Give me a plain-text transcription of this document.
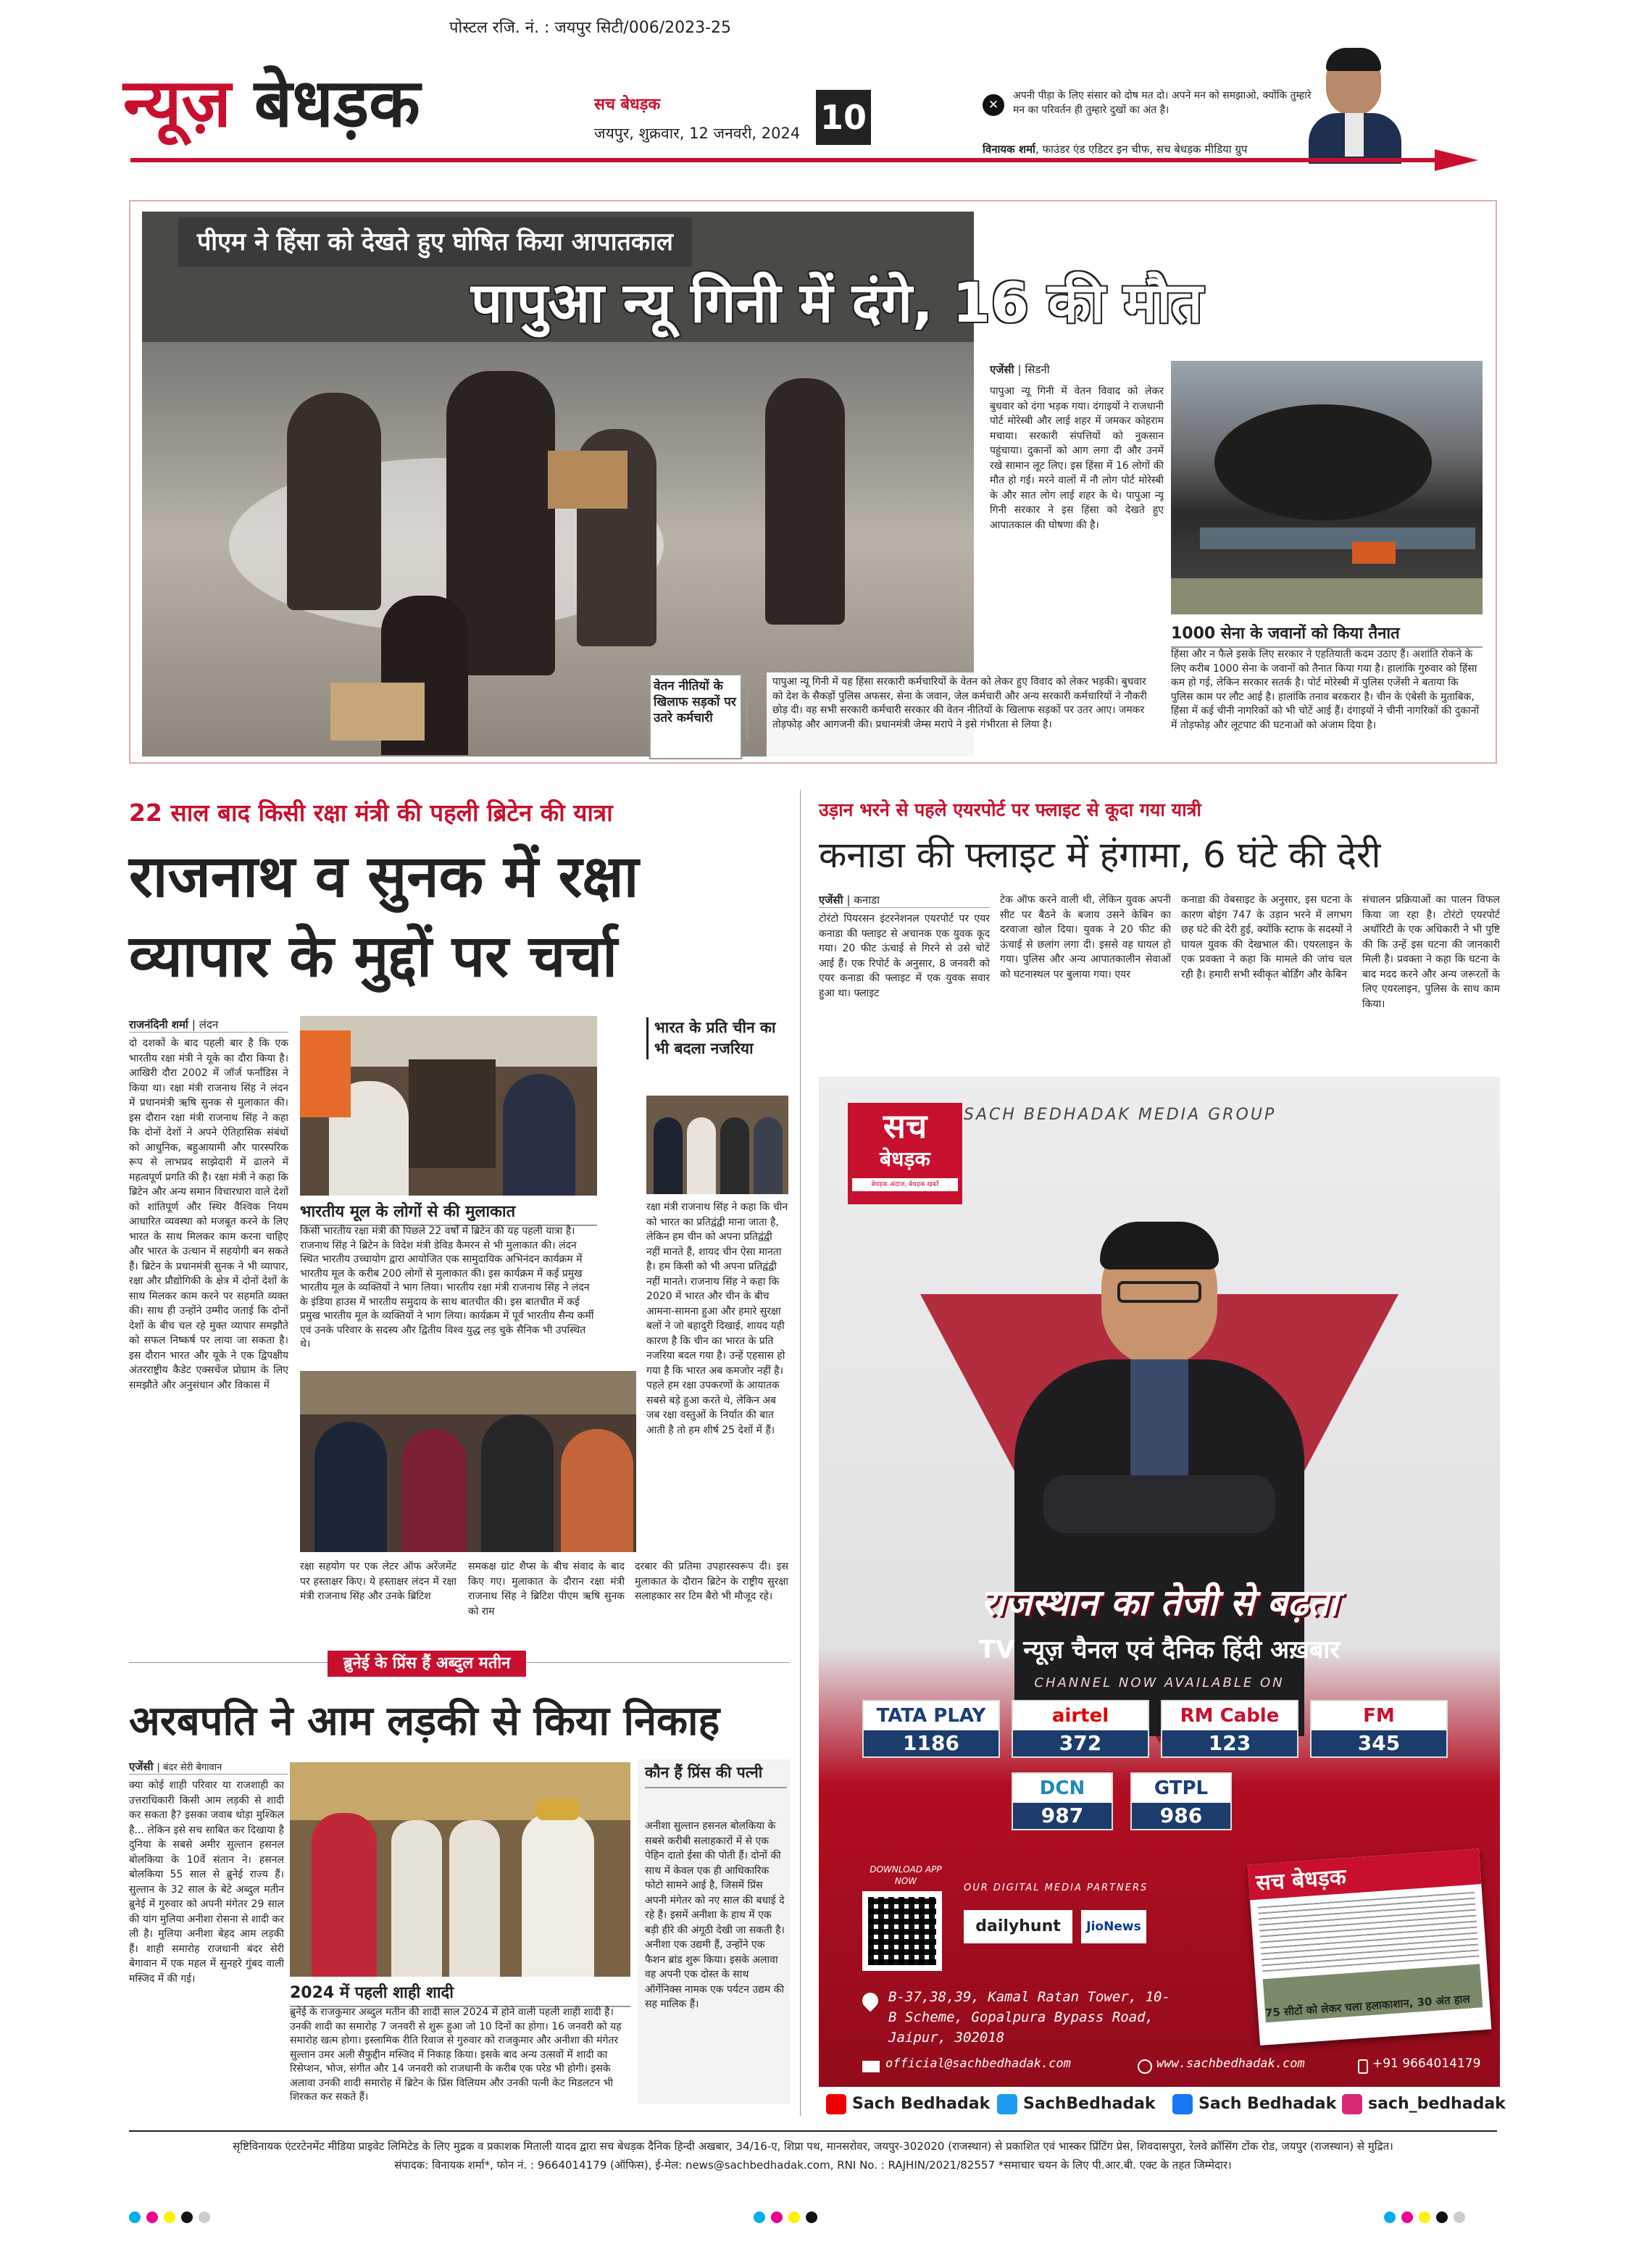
पोस्टल रजि. नं. : जयपुर सिटी/006/2023-25
न्यूज़ बेधड़क	सच बेधड़क
जयपुर, शुक्रवार, 12 जनवरी, 2024 10	✕
अपनी पीड़ा के लिए संसार को दोष मत दो। अपने मन को समझाओ, क्योंकि तुम्हारे मन का परिवर्तन ही तुम्हारे दुखों का अंत है।
विनायक शर्मा, फाउंडर एंड एडिटर इन चीफ, सच बेधड़क मीडिया ग्रुप
पीएम ने हिंसा को देखते हुए घोषित किया आपातकाल
पापुआ न्यू गिनी में दंगे, 16 की मौत
एजेंसी | सिडनी
पापुआ न्यू गिनी में वेतन विवाद को लेकर बुधवार को दंगा भड़क गया। दंगाइयों ने राजधानी पोर्ट मोरेस्बी और लाई शहर में जमकर कोहराम मचाया। सरकारी संपत्तियों को नुकसान पहुंचाया। दुकानों को आग लगा दी और उनमें रखे सामान लूट लिए। इस हिंसा में 16 लोगों की मौत हो गई। मरने वालों में नौ लोग पोर्ट मोरेस्बी के और सात लोग लाई शहर के थे। पापुआ न्यू गिनी सरकार ने इस हिंसा को देखते हुए आपातकाल की घोषणा की है।
1000 सेना के जवानों को किया तैनात
हिंसा और न फैले इसके लिए सरकार ने एहतियाती कदम उठाए हैं। अशांति रोकने के लिए करीब 1000 सेना के जवानों को तैनात किया गया है। हालांकि गुरुवार को हिंसा कम हो गई, लेकिन सरकार सतर्क है। पोर्ट मोरेस्बी में पुलिस एजेंसी ने बताया कि पुलिस काम पर लौट आई है। हालांकि तनाव बरकरार है। चीन के एंबेसी के मुताबिक, हिंसा में कई चीनी नागरिकों को भी चोटें आई हैं। दंगाइयों ने चीनी नागरिकों की दुकानों में तोड़फोड़ और लूटपाट की घटनाओं को अंजाम दिया है।
वेतन नीतियों के खिलाफ सड़कों पर उतरे कर्मचारी
पापुआ न्यू गिनी में यह हिंसा सरकारी कर्मचारियों के वेतन को लेकर हुए विवाद को लेकर भड़की। बुधवार को देश के सैकड़ों पुलिस अफसर, सेना के जवान, जेल कर्मचारी और अन्य सरकारी कर्मचारियों ने नौकरी छोड़ दी। वह सभी सरकारी कर्मचारी सरकार की वेतन नीतियों के खिलाफ सड़कों पर उतर आए। जमकर तोड़फोड़ और आगजनी की। प्रधानमंत्री जेम्स मरापे ने इसे गंभीरता से लिया है।
22 साल बाद किसी रक्षा मंत्री की पहली ब्रिटेन की यात्रा
राजनाथ व सुनक में रक्षा
व्यापार के मुद्दों पर चर्चा
राजनंदिनी शर्मा | लंदन
दो दशकों के बाद पहली बार है कि एक भारतीय रक्षा मंत्री ने यूके का दौरा किया है। आखिरी दौरा 2002 में जॉर्ज फर्नांडिस ने किया था। रक्षा मंत्री राजनाथ सिंह ने लंदन में प्रधानमंत्री ऋषि सुनक से मुलाकात की। इस दौरान रक्षा मंत्री राजनाथ सिंह ने कहा कि दोनों देशों ने अपने ऐतिहासिक संबंधों को आधुनिक, बहुआयामी और पारस्परिक रूप से लाभप्रद साझेदारी में ढालने में महत्वपूर्ण प्रगति की है। रक्षा मंत्री ने कहा कि ब्रिटेन और अन्य समान विचारधारा वाले देशों को शांतिपूर्ण और स्थिर वैश्विक नियम आधारित व्यवस्था को मजबूत करने के लिए भारत के साथ मिलकर काम करना चाहिए और भारत के उत्थान में सहयोगी बन सकते हैं। ब्रिटेन के प्रधानमंत्री सुनक ने भी व्यापार, रक्षा और प्रौद्योगिकी के क्षेत्र में दोनों देशों के साथ मिलकर काम करने पर सहमति व्यक्त की। साथ ही उन्होंने उम्मीद जताई कि दोनों देशों के बीच चल रहे मुक्त व्यापार समझौते को सफल निष्कर्ष पर लाया जा सकता है। इस दौरान भारत और यूके ने एक द्विपक्षीय अंतरराष्ट्रीय कैडेट एक्सचेंज प्रोग्राम के लिए समझौते और अनुसंधान और विकास में
भारतीय मूल के लोगों से की मुलाकात
किसी भारतीय रक्षा मंत्री की पिछले 22 वर्षों में ब्रिटेन की यह पहली यात्रा है। राजनाथ सिंह ने ब्रिटेन के विदेश मंत्री डेविड कैमरन से भी मुलाकात की। लंदन स्थित भारतीय उच्चायोग द्वारा आयोजित एक सामुदायिक अभिनंदन कार्यक्रम में भारतीय मूल के करीब 200 लोगों से मुलाकात की। इस कार्यक्रम में कई प्रमुख भारतीय मूल के व्यक्तियों ने भाग लिया। भारतीय रक्षा मंत्री राजनाथ सिंह ने लंदन के इंडिया हाउस में भारतीय समुदाय के साथ बातचीत की। इस बातचीत में कई प्रमुख भारतीय मूल के व्यक्तियों ने भाग लिया। कार्यक्रम में पूर्व भारतीय सैन्य कर्मी एवं उनके परिवार के सदस्य और द्वितीय विश्व युद्ध लड़ चुके सैनिक भी उपस्थित थे।
भारत के प्रति चीन का भी बदला नजरिया
रक्षा मंत्री राजनाथ सिंह ने कहा कि चीन को भारत का प्रतिद्वंद्वी माना जाता है, लेकिन हम चीन को अपना प्रतिद्वंद्वी नहीं मानते हैं, शायद चीन ऐसा मानता है। हम किसी को भी अपना प्रतिद्वंद्वी नहीं मानते। राजनाथ सिंह ने कहा कि 2020 में भारत और चीन के बीच आमना-सामना हुआ और हमारे सुरक्षा बलों ने जो बहादुरी दिखाई, शायद यही कारण है कि चीन का भारत के प्रति नजरिया बदल गया है। उन्हें एहसास हो गया है कि भारत अब कमजोर नहीं है। पहले हम रक्षा उपकरणों के आयातक सबसे बड़े हुआ करते थे, लेकिन अब जब रक्षा वस्तुओं के निर्यात की बात आती है तो हम शीर्ष 25 देशों में हैं।
रक्षा सहयोग पर एक लेटर ऑफ अरेंजमेंट पर हस्ताक्षर किए। ये हस्ताक्षर लंदन में रक्षा मंत्री राजनाथ सिंह और उनके ब्रिटिश
समकक्ष ग्रांट शैप्स के बीच संवाद के बाद किए गए। मुलाकात के दौरान रक्षा मंत्री राजनाथ सिंह ने ब्रिटिश पीएम ऋषि सुनक को राम
दरबार की प्रतिमा उपहारस्वरूप दी। इस मुलाकात के दौरान ब्रिटेन के राष्ट्रीय सुरक्षा सलाहकार सर टिम बैरो भी मौजूद रहे।
ब्रुनेई के प्रिंस हैं अब्दुल मतीन
अरबपति ने आम लड़की से किया निकाह
एजेंसी | बंदर सेरी बेगावान
क्या कोई शाही परिवार या राजशाही का उत्तराधिकारी किसी आम लड़की से शादी कर सकता है? इसका जवाब थोड़ा मुश्किल है... लेकिन इसे सच साबित कर दिखाया है दुनिया के सबसे अमीर सुल्तान हसनल बोलकिया के 10वें संतान ने। हसनल बोलकिया 55 साल से ब्रुनेई राज्य हैं। सुल्तान के 32 साल के बेटे अब्दुल मतीन ब्रुनेई में गुरुवार को अपनी मंगेतर 29 साल की यांग मुलिया अनीशा रोसना से शादी कर ली है। मुलिया अनीशा बेहद आम लड़की हैं। शाही समारोह राजधानी बंदर सेरी बेगावान में एक महल में सुनहरे गुंबद वाली मस्जिद में की गई।
2024 में पहली शाही शादी
ब्रुनेई के राजकुमार अब्दुल मतीन की शादी साल 2024 में होने वाली पहली शाही शादी है। उनकी शादी का समारोह 7 जनवरी से शुरू हुआ जो 10 दिनों का होगा। 16 जनवरी को यह समारोह खत्म होगा। इस्लामिक रीति रिवाज से गुरुवार को राजकुमार और अनीशा की मंगेतर सुल्तान उमर अली सैफुद्दीन मस्जिद में निकाह किया। इसके बाद अन्य उत्सवों में शादी का रिसेप्शन, भोज, संगीत और 14 जनवरी को राजधानी के करीब एक परेड भी होगी। इसके अलावा उनकी शादी समारोह में ब्रिटेन के प्रिंस विलियम और उनकी पत्नी केट मिडलटन भी शिरकत कर सकते हैं।
कौन हैं प्रिंस की पत्नी
अनीशा सुल्तान हसनल बोलकिया के सबसे करीबी सलाहकारों में से एक पेहिन दातो ईसा की पोती हैं। दोनों की साथ में केवल एक ही आधिकारिक फोटो सामने आई है, जिसमें प्रिंस अपनी मंगेतर को नए साल की बधाई दे रहे हैं। इसमें अनीशा के हाथ में एक बड़ी हीरे की अंगूठी देखी जा सकती है। अनीशा एक उद्यमी हैं, उन्होंने एक फैशन ब्रांड शुरू किया। इसके अलावा वह अपनी एक दोस्त के साथ ऑर्गेनिक्स नामक एक पर्यटन उद्यम की सह मालिक हैं।
उड़ान भरने से पहले एयरपोर्ट पर फ्लाइट से कूदा गया यात्री
कनाडा की फ्लाइट में हंगामा, 6 घंटे की देरी
एजेंसी | कनाडा
टोरंटो पियरसन इंटरनेशनल एयरपोर्ट पर एयर कनाडा की फ्लाइट से अचानक एक युवक कूद गया। 20 फीट ऊंचाई से गिरने से उसे चोटें आई हैं। एक रिपोर्ट के अनुसार, 8 जनवरी को एयर कनाडा की फ्लाइट में एक युवक सवार हुआ था। फ्लाइट
टेक ऑफ करने वाली थी, लेकिन युवक अपनी सीट पर बैठने के बजाय उसने केबिन का दरवाजा खोल दिया। युवक ने 20 फीट की ऊंचाई से छलांग लगा दी। इससे वह घायल हो गया। पुलिस और अन्य आपातकालीन सेवाओं को घटनास्थल पर बुलाया गया। एयर
कनाडा की वेबसाइट के अनुसार, इस घटना के कारण बोइंग 747 के उड़ान भरने में लगभग छह घंटे की देरी हुई, क्योंकि स्टाफ के सदस्यों ने घायल युवक की देखभाल की। एयरलाइन के एक प्रवक्ता ने कहा कि मामले की जांच चल रही है। हमारी सभी स्वीकृत बोर्डिंग और केबिन
संचालन प्रक्रियाओं का पालन विफल किया जा रहा है। टोरंटो एयरपोर्ट अथॉरिटी के एक अधिकारी ने भी पुष्टि की कि उन्हें इस घटना की जानकारी मिली है। प्रवक्ता ने कहा कि घटना के बाद मदद करने और अन्य जरूरतों के लिए एयरलाइन, पुलिस के साथ काम किया।
SACH BEDHADAK MEDIA GROUP
सच
बेधड़क
बेधड़क अंदाज़, बेधड़क खबरें
राजस्थान का तेजी से बढ़ता
TV न्यूज़ चैनल एवं दैनिक हिंदी अख़बार
CHANNEL NOW AVAILABLE ON
TATA PLAY
1186
airtel
372
RM Cable
123
FM
345
DCN
987
GTPL
986
DOWNLOAD APP NOW
OUR DIGITAL MEDIA PARTNERS
dailyhunt	JioNews
B-37,38,39, Kamal Ratan Tower, 10-B Scheme, Gopalpura Bypass Road, Jaipur, 302018
official@sachbedhadak.com	www.sachbedhadak.com	+91 9664014179
सच बेधड़क
75 सीटों को लेकर चला हलाकाशान, 30 अंत हाल
Sach Bedhadak	SachBedhadak	Sach Bedhadak	sach_bedhadak
सृष्टिविनायक एंटरटेनमेंट मीडिया प्राइवेट लिमिटेड के लिए मुद्रक व प्रकाशक मिताली यादव द्वारा सच बेधड़क दैनिक हिन्दी अखबार, 34/16-ए, शिप्रा पथ, मानसरोवर, जयपुर-302020 (राजस्थान) से प्रकाशित एवं भास्कर प्रिंटिंग प्रेस, शिवदासपुरा, रेलवे क्रॉसिंग टोंक रोड, जयपुर (राजस्थान) से मुद्रित।
संपादक: विनायक शर्मा*, फोन नं. : 9664014179 (ऑफिस), ई-मेल: news@sachbedhadak.com, RNI No. : RAJHIN/2021/82557 *समाचार चयन के लिए पी.आर.बी. एक्ट के तहत जिम्मेदार।
